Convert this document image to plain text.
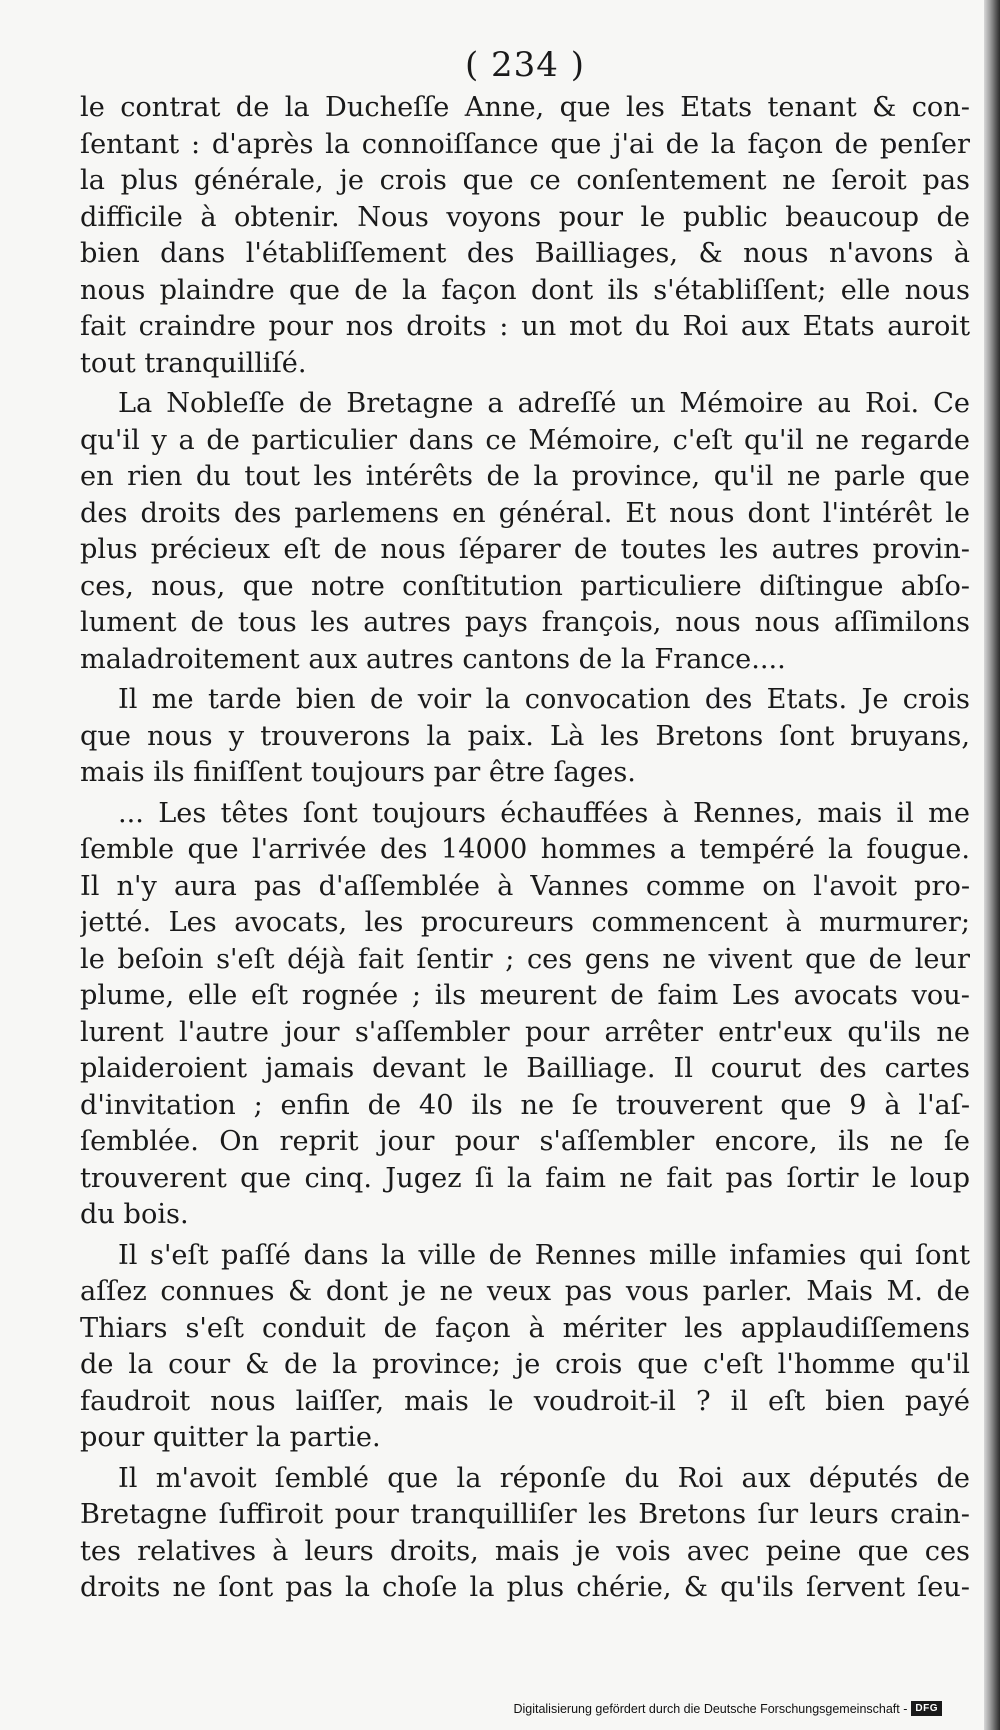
( 234 )
le contrat de la Ducheſſe Anne, que les Etats tenant & con-
ſentant : d'après la connoiſſance que j'ai de la façon de penſer
la plus générale, je crois que ce conſentement ne ſeroit pas
difficile à obtenir. Nous voyons pour le public beaucoup de
bien dans l'établiſſement des Bailliages, & nous n'avons à
nous plaindre que de la façon dont ils s'établiſſent; elle nous
fait craindre pour nos droits : un mot du Roi aux Etats auroit
tout tranquilliſé.
La Nobleſſe de Bretagne a adreſſé un Mémoire au Roi. Ce
qu'il y a de particulier dans ce Mémoire, c'eſt qu'il ne regarde
en rien du tout les intérêts de la province, qu'il ne parle que
des droits des parlemens en général. Et nous dont l'intérêt le
plus précieux eſt de nous ſéparer de toutes les autres provin-
ces, nous, que notre conſtitution particuliere diſtingue abſo-
lument de tous les autres pays françois, nous nous aſſimilons
maladroitement aux autres cantons de la France....
Il me tarde bien de voir la convocation des Etats. Je crois
que nous y trouverons la paix. Là les Bretons ſont bruyans,
mais ils finiſſent toujours par être ſages.
... Les têtes ſont toujours échauffées à Rennes, mais il me
ſemble que l'arrivée des 14000 hommes a tempéré la fougue.
Il n'y aura pas d'aſſemblée à Vannes comme on l'avoit pro-
jetté. Les avocats, les procureurs commencent à murmurer;
le beſoin s'eſt déjà fait ſentir ; ces gens ne vivent que de leur
plume, elle eſt rognée ; ils meurent de faim Les avocats vou-
lurent l'autre jour s'aſſembler pour arrêter entr'eux qu'ils ne
plaideroient jamais devant le Bailliage. Il courut des cartes
d'invitation ; enfin de 40 ils ne ſe trouverent que 9 à l'aſ-
ſemblée. On reprit jour pour s'aſſembler encore, ils ne ſe
trouverent que cinq. Jugez ſi la faim ne fait pas ſortir le loup
du bois.
Il s'eſt paſſé dans la ville de Rennes mille infamies qui ſont
aſſez connues & dont je ne veux pas vous parler. Mais M. de
Thiars s'eſt conduit de façon à mériter les applaudiſſemens
de la cour & de la province; je crois que c'eſt l'homme qu'il
faudroit nous laiſſer, mais le voudroit-il ? il eſt bien payé
pour quitter la partie.
Il m'avoit ſemblé que la réponſe du Roi aux députés de
Bretagne ſuffiroit pour tranquilliſer les Bretons ſur leurs crain-
tes relatives à leurs droits, mais je vois avec peine que ces
droits ne ſont pas la choſe la plus chérie, & qu'ils ſervent ſeu-
Digitalisierung gefördert durch die Deutsche Forschungsgemeinschaft - DFG
